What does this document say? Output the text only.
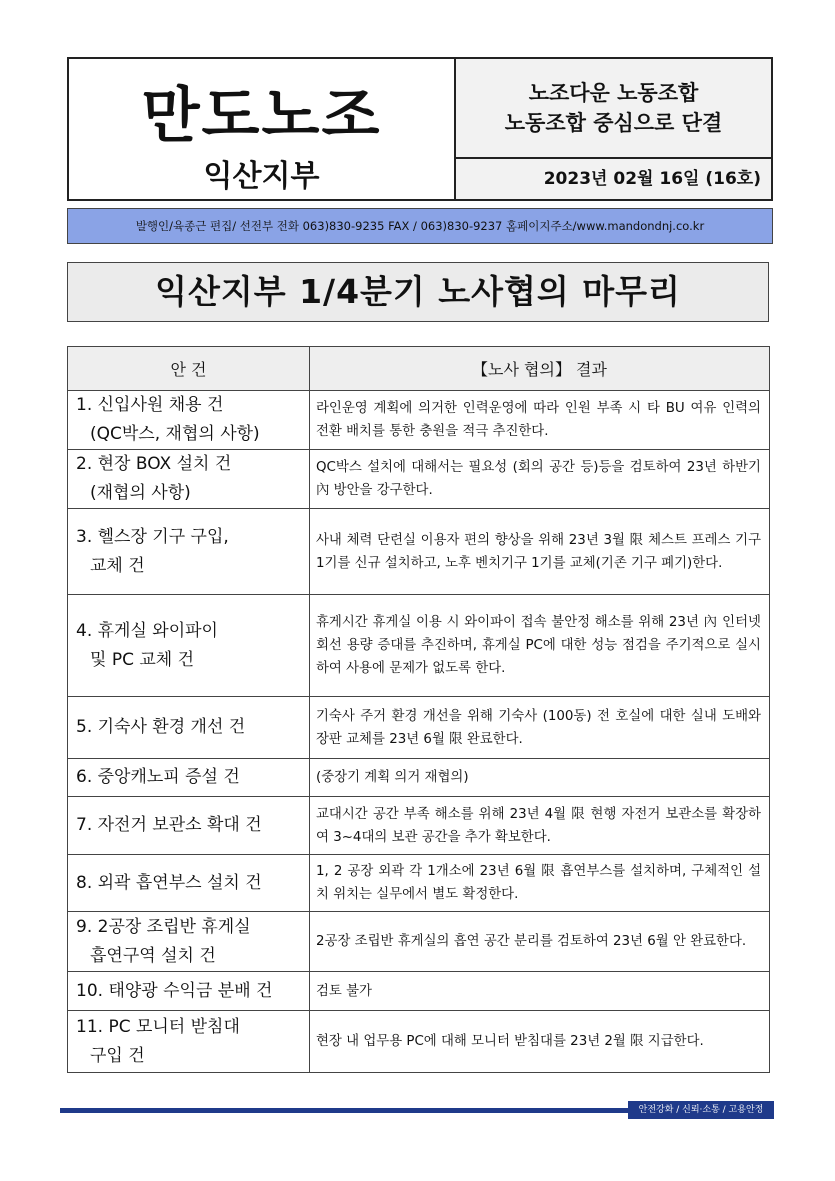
만도노조
익산지부
노조다운 노동조합
노동조합 중심으로 단결
2023년 02월 16일 (16호)
발행인/육종근 편집/ 선전부 전화 063)830-9235 FAX / 063)830-9237 홈페이지주소/www.mandondnj.co.kr
익산지부 1/4분기 노사협의 마무리
안 건	【노사 협의】 결과
1. 신입사원 채용 건

(QC박스, 재협의 사항)	라인운영 계획에 의거한 인력운영에 따라 인원 부족 시 타 BU 여유 인력의 전환 배치를 통한 충원을 적극 추진한다.
2. 현장 BOX 설치 건

(재협의 사항)	QC박스 설치에 대해서는 필요성 (회의 공간 등)등을 검토하여 23년 하반기 內 방안을 강구한다.
3. 헬스장 기구 구입,

교체 건	사내 체력 단련실 이용자 편의 향상을 위해 23년 3월 限 체스트 프레스 기구 1기를 신규 설치하고, 노후 벤치기구 1기를 교체(기존 기구 폐기)한다.
4. 휴게실 와이파이

및 PC 교체 건	휴게시간 휴게실 이용 시 와이파이 접속 불안정 해소를 위해 23년 內 인터넷 회선 용량 증대를 추진하며, 휴게실 PC에 대한 성능 점검을 주기적으로 실시하여 사용에 문제가 없도록 한다.
5. 기숙사 환경 개선 건	기숙사 주거 환경 개선을 위해 기숙사 (100동) 전 호실에 대한 실내 도배와 장판 교체를 23년 6월 限 완료한다.
6. 중앙캐노피 증설 건	(중장기 계획 의거 재협의)
7. 자전거 보관소 확대 건	교대시간 공간 부족 해소를 위해 23년 4월 限 현행 자전거 보관소를 확장하여 3~4대의 보관 공간을 추가 확보한다.
8. 외곽 흡연부스 설치 건	1, 2 공장 외곽 각 1개소에 23년 6월 限 흡연부스를 설치하며, 구체적인 설치 위치는 실무에서 별도 확정한다.
9. 2공장 조립반 휴게실

흡연구역 설치 건	2공장 조립반 휴게실의 흡연 공간 분리를 검토하여 23년 6월 안 완료한다.
10. 태양광 수익금 분배 건	검토 불가
11. PC 모니터 받침대

구입 건	현장 내 업무용 PC에 대해 모니터 받침대를 23년 2월 限 지급한다.
안전강화 / 신뢰·소통 / 고용안정
